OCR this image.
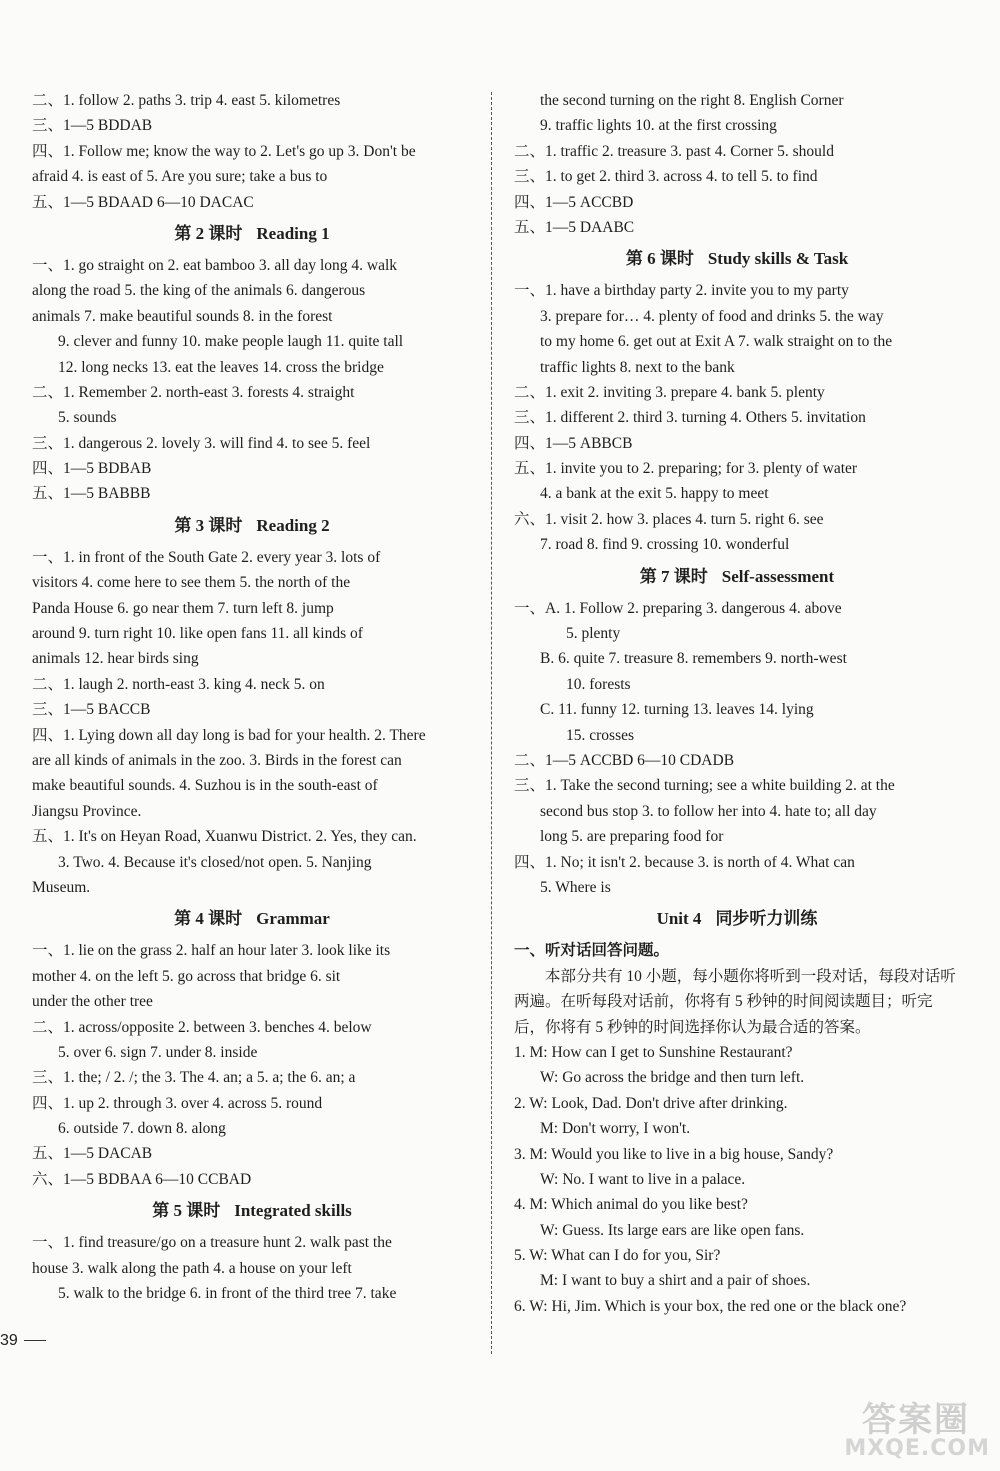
二、1. follow 2. paths 3. trip 4. east 5. kilometres
三、1—5 BDDAB
四、1. Follow me; know the way to 2. Let's go up 3. Don't be
afraid 4. is east of 5. Are you sure; take a bus to
五、1—5 BDAAD 6—10 DACAC
第 2 课时 Reading 1
一、1. go straight on 2. eat bamboo 3. all day long 4. walk
along the road 5. the king of the animals 6. dangerous
animals 7. make beautiful sounds 8. in the forest
9. clever and funny 10. make people laugh 11. quite tall
12. long necks 13. eat the leaves 14. cross the bridge
二、1. Remember 2. north-east 3. forests 4. straight
5. sounds
三、1. dangerous 2. lovely 3. will find 4. to see 5. feel
四、1—5 BDBAB
五、1—5 BABBB
第 3 课时 Reading 2
一、1. in front of the South Gate 2. every year 3. lots of
visitors 4. come here to see them 5. the north of the
Panda House 6. go near them 7. turn left 8. jump
around 9. turn right 10. like open fans 11. all kinds of
animals 12. hear birds sing
二、1. laugh 2. north-east 3. king 4. neck 5. on
三、1—5 BACCB
四、1. Lying down all day long is bad for your health. 2. There
are all kinds of animals in the zoo. 3. Birds in the forest can
make beautiful sounds. 4. Suzhou is in the south-east of
Jiangsu Province.
五、1. It's on Heyan Road, Xuanwu District. 2. Yes, they can.
3. Two. 4. Because it's closed/not open. 5. Nanjing
Museum.
第 4 课时 Grammar
一、1. lie on the grass 2. half an hour later 3. look like its
mother 4. on the left 5. go across that bridge 6. sit
under the other tree
二、1. across/opposite 2. between 3. benches 4. below
5. over 6. sign 7. under 8. inside
三、1. the; / 2. /; the 3. The 4. an; a 5. a; the 6. an; a
四、1. up 2. through 3. over 4. across 5. round
6. outside 7. down 8. along
五、1—5 DACAB
六、1—5 BDBAA 6—10 CCBAD
第 5 课时 Integrated skills
一、1. find treasure/go on a treasure hunt 2. walk past the
house 3. walk along the path 4. a house on your left
5. walk to the bridge 6. in front of the third tree 7. take
the second turning on the right 8. English Corner
9. traffic lights 10. at the first crossing
二、1. traffic 2. treasure 3. past 4. Corner 5. should
三、1. to get 2. third 3. across 4. to tell 5. to find
四、1—5 ACCBD
五、1—5 DAABC
第 6 课时 Study skills & Task
一、1. have a birthday party 2. invite you to my party
3. prepare for… 4. plenty of food and drinks 5. the way
to my home 6. get out at Exit A 7. walk straight on to the
traffic lights 8. next to the bank
二、1. exit 2. inviting 3. prepare 4. bank 5. plenty
三、1. different 2. third 3. turning 4. Others 5. invitation
四、1—5 ABBCB
五、1. invite you to 2. preparing; for 3. plenty of water
4. a bank at the exit 5. happy to meet
六、1. visit 2. how 3. places 4. turn 5. right 6. see
7. road 8. find 9. crossing 10. wonderful
第 7 课时 Self-assessment
一、A. 1. Follow 2. preparing 3. dangerous 4. above
5. plenty
B. 6. quite 7. treasure 8. remembers 9. north-west
10. forests
C. 11. funny 12. turning 13. leaves 14. lying
15. crosses
二、1—5 ACCBD 6—10 CDADB
三、1. Take the second turning; see a white building 2. at the
second bus stop 3. to follow her into 4. hate to; all day
long 5. are preparing food for
四、1. No; it isn't 2. because 3. is north of 4. What can
5. Where is
Unit 4 同步听力训练
一、听对话回答问题。
本部分共有 10 小题，每小题你将听到一段对话，每段对话听两遍。在听每段对话前，你将有 5 秒钟的时间阅读题目；听完后，你将有 5 秒钟的时间选择你认为最合适的答案。
1. M: How can I get to Sunshine Restaurant?
W: Go across the bridge and then turn left.
2. W: Look, Dad. Don't drive after drinking.
M: Don't worry, I won't.
3. M: Would you like to live in a big house, Sandy?
W: No. I want to live in a palace.
4. M: Which animal do you like best?
W: Guess. Its large ears are like open fans.
5. W: What can I do for you, Sir?
M: I want to buy a shirt and a pair of shoes.
6. W: Hi, Jim. Which is your box, the red one or the black one?
39
答案圈
MXQE.COM
